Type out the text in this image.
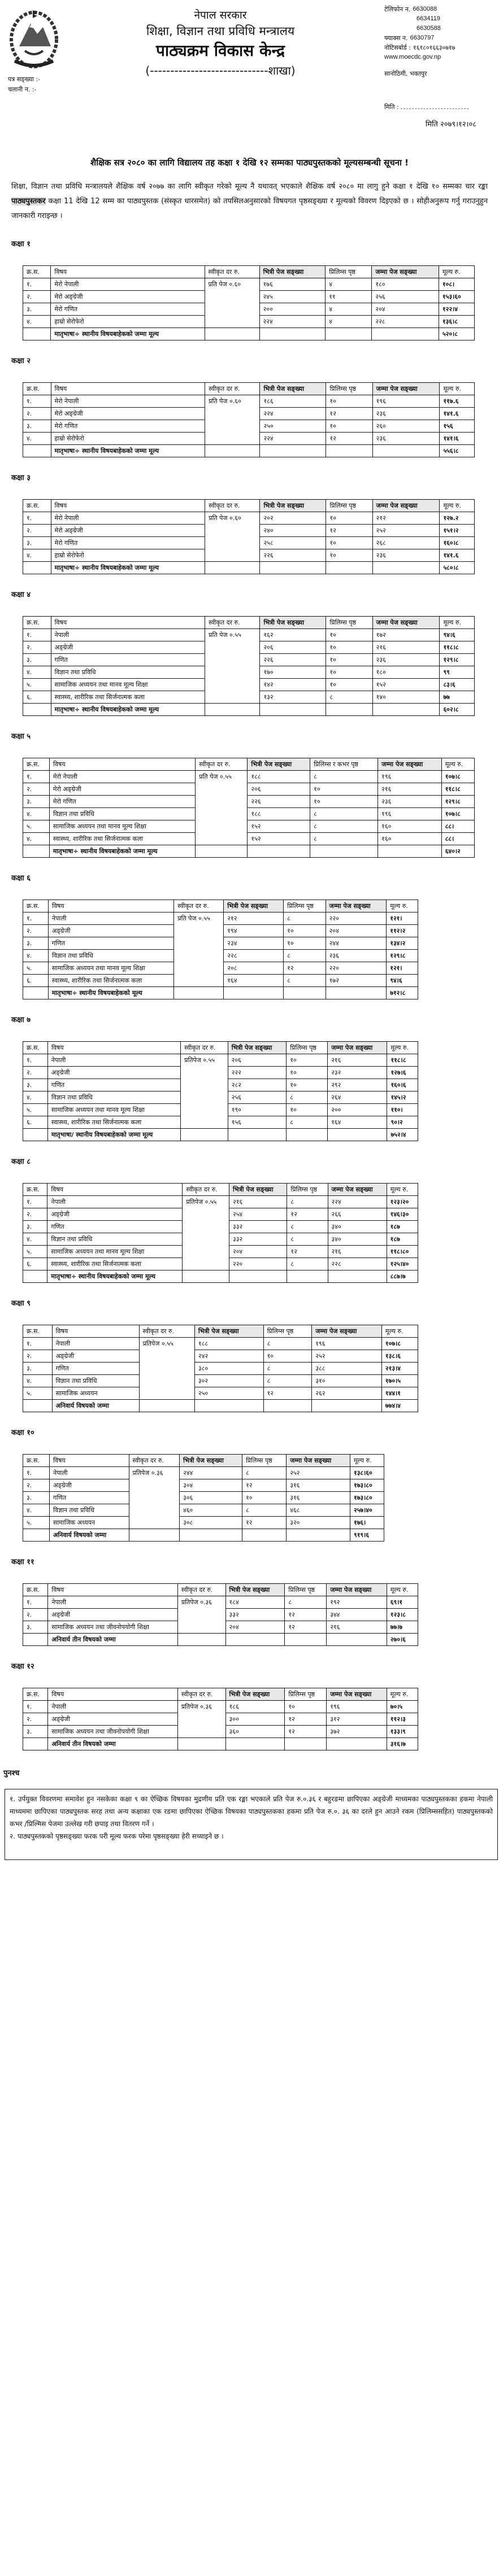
नेपाल सरकार
शिक्षा, विज्ञान तथा प्रविधि मन्त्रालय
पाठ्यक्रम विकास केन्द्र
(-----------------------------शाखा)
टेलिफोन न. 6630088
6634119
6630588
फ्याक्स न. 6630797
नोटिसबोर्ड : १६१८०१६६३०७१७
www.moecdc.gov.np
सानोठिमी, भक्तपुर
पत्र सङ्ख्या :-
चलानी न. :-
मिति :
मिति २०७९।१२।०८
शैक्षिक सत्र २०८० का लागि विद्यालय तह कक्षा १ देखि १२ सम्मका पाठ्यपुस्तकको मूल्यसम्बन्धी सूचना !
शिक्षा, विज्ञान तथा प्रविधि मन्त्रालयले शैक्षिक वर्ष २०७७ का लागि स्वीकृत गरेको मूल्य नै यथावत् भएकाले शैक्षिक वर्ष २०८० मा लागु हुने कक्षा १ देखि १० सम्मका चार रङ्का पाठ्यपुस्तकर कक्षा 11 देखि 12 सम्म का पाठ्यपुस्तक (संस्कृत धारसमेत) को तपसिलअनुसारको विषयगत पृष्ठसङ्ख्या र मूल्यको विवरण दिइएको छ । सोहीअनुरूप गर्नु गराउनुहुन जानकारी गराइन्छ ।
कक्षा १
क्र.स.	विषय	स्वीकृत दर रु.	भित्री पेज सङ्ख्या	प्रिलिम्स पृष्ठ	जम्मा पेज सङ्ख्या	मूल्य रु.
१.	मेरो नेपाली	प्रति पेज ०.६०	१७६	४	१८०	१०८।
२.	मेरो अङ्ग्रेजी		२४५	११	२५६	१५३।६०
३.	मेरो गणित		२००	४	२०४	१२२।४
४.	हाम्रो सेरोफेरो		२२४	४	२२८	१३६।८
	मातृभाषा÷ स्थानीय विषयबाहेकको जम्मा मूल्य					५२०।८
कक्षा २
क्र.स.	विषय	स्वीकृत दर रु.	भित्री पेज सङ्ख्या	प्रिलिम्स पृष्ठ	जम्मा पेज सङ्ख्या	मूल्य रु.
१.	मेरो नेपाली	प्रति पेज ०.६०	१८६	१०	१९६	११७.६
२.	मेरो अङ्ग्रेजी		२२४	१२	२३६	१४१.६
३.	मेरो गणित		२५०	१०	२६०	१५६
४.	हाम्रो सेरोफेरो		२२४	१२	२३६	१४१।६
	मातृभाषा÷ स्थानीय विषयबाहेकको जम्मा मूल्य					५५६।८
कक्षा ३
क्र.स.	विषय	स्वीकृत दर रु.	भित्री पेज सङ्ख्या	प्रिलिम्स पृष्ठ	जम्मा पेज सङ्ख्या	मूल्य रु.
१.	मेरो नेपाली	प्रति पेज ०.६०	२०२	१०	२१२	१२७.२
२.	मेरो अङ्ग्रेजी		२४०	१२	२५२	१५१।२
३.	मेरो गणित		२५८	१०	२६८	१६०।८
४.	हाम्रो सेरोफेरो		२२६	१०	२३६	१४१.६
	मातृभाषा÷ स्थानीय विषयबाहेकको जम्मा मूल्य					५८०।८
कक्षा ४
क्र.स.	विषय	स्वीकृत दर रु.	भित्री पेज सङ्ख्या	प्रिलिम्स पृष्ठ	जम्मा पेज सङ्ख्या	मूल्य रु.
१.	नेपाली	प्रति पेज ०.५५	१६२	१०	१७२	९४।६
२.	अङ्ग्रेजी		२०६	१०	२१६	११८।८
३.	गणित		२२६	१०	२३६	१२९।८
४.	विज्ञान तथा प्रविधि		१७०	१०	१८०	९९
५.	सामाजिक अध्ययन तथा मानव मूल्य शिक्षा		१४२	१०	१५२	८३।६
६.	स्वास्थ्य, शारीरिक तथा सिर्जनात्मक कला		१३२	८	१४०	७७
	मातृभाषा÷ स्थानीय विषयबाहेकको जम्मा मूल्य					६०२।८
कक्षा ५
क्र.स.	विषय	स्वीकृत दर रु.	भित्री पेज सङ्ख्या	प्रिलिम्स र कभर पृष्ठ	जम्मा पेज सङ्ख्या	मूल्य रु.
१.	मेरो नेपाली	प्रति पेज ०.५५	१८८	८	१९६	१०७।८
२.	मेरो अङ्ग्रेजी		२०६	१०	२१६	११८।८
३.	मेरो गणित		२२६	१०	२३६	१२९।८
४.	विज्ञान तथा प्रविधि		१८८	८	१९६	१०७।८
५.	सामाजिक अध्ययन तथा मानव मूल्य शिक्षा		१५२	८	१६०	८८।
४.	स्वास्थ्य, शारीरिक तथा सिर्जनात्मक कला		१५२	८	१६०	८८।
	मातृभाषा÷ स्थानीय विषयबाहेकको जम्मा मूल्य					६४०।२
कक्षा ६
क्र.स.	विषय	स्वीकृत दर रु.	भित्री पेज सङ्ख्या	प्रिलिम्स पृष्ठ	जम्मा पेज सङ्ख्या	मूल्य रु.
१.	नेपाली	प्रति पेज ०.५५	२१२	८	२२०	१२१।
२.	अङ्ग्रेजी		१९४	१०	२०४	११२।२
३.	गणित		२३४	१०	२४४	१३४।२
४.	विज्ञान तथा प्रविधि		२२८	८	२३६	१२९।८
५.	सामाजिक अध्ययन तथा मानव मूल्य शिक्षा		२०८	१२	२२०	१२१।
६.	स्वास्थ्य, शारीरिक तथा सिर्जनात्मक कला		१६४	८	१७२	९४।६
	मातृभाषा÷ स्थानीय विषयबाहेकको मूल्य					७१२।८
कक्षा ७
क्र.स.	विषय	स्वीकृत दर रु.	भित्री पेज सङ्ख्या	प्रिलिम्स पृष्ठ	जम्मा पेज सङ्ख्या	मूल्य रु.
१.	नेपाली	प्रतिपेज ०.५५	२०६	१०	२१६	११८।८
२.	अङ्ग्रेजी		२२२	१०	२३२	१२७।६
३.	गणित		२८२	१०	२९२	१६०।६
४.	विज्ञान तथा प्रविधि		२५६	८	२६४	१४५।२
५.	सामाजिक अध्ययन तथा मानव मूल्य शिक्षा		१९०	१०	२००	११०।
६.	स्वास्थ्य, शारीरिक तथा सिर्जनात्मक कला		१५६	८	१६४	९०।२
	मातृभाषा/ स्थानीय विषयबाहेकको जम्मा मूल्य					७५२।४
कक्षा ८
क्र.स.	विषय	स्वीकृत दर रु.	भित्री पेज सङ्ख्या	प्रिलिम्स पृष्ठ	जम्मा पेज सङ्ख्या	मूल्य रु.
१.	नेपाली	प्रतिपेज ०.५५	२१६	८	२२४	१२३।२०
२.	अङ्ग्रेजी		२५४	१२	२६६	१४६।३०
३.	गणित		३३२	८	३४०	१८७
४.	विज्ञान तथा प्रविधि		३३२	८	३४०	१८७
५.	सामाजिक अध्ययन तथा मानव मूल्य शिक्षा		२०४	१२	२१६	११८।८०
६.	स्वास्थ्य, शारीरिक तथा सिर्जनात्मक कला		२२०	८	२२८	१२५।४०
	मातृभाषा÷ स्थानीय विषयबाहेकको जम्मा मूल्य					८८७।७
कक्षा ९
क्र.स.	विषय	स्वीकृत दर रु.	भित्री पेज सङ्ख्या	प्रिलिम्स पृष्ठ	जम्मा पेज सङ्ख्या	मूल्य रु.
१.	नेपाली	प्रतिपेज ०.५५	१८८	८	१९६	१०७।८
२.	अङ्ग्रेजी		२४२	१०	२५२	१३८।६
३.	गणित		३८०	८	३८८	२१३।४
४.	विज्ञान तथा प्रविधि		३०२	८	३१०	१७०।५
५.	सामाजिक अध्ययन		२५०	१२	२६२	१४४।१
	अनिवार्य विषयको जम्मा					७७४।४
कक्षा १०
क्र.स.	विषय	स्वीकृत दर रु.	भित्री पेज सङ्ख्या	प्रिलिम्स पृष्ठ	जम्मा पेज सङ्ख्या	मूल्य रु.
१.	नेपाली	प्रतिपेज ०.३६	२४४	८	२५२	१३८।६०
२.	अङ्ग्रेजी		३०४	१२	३१६	१७३।८०
३.	गणित		३०६	१०	३१६	१७३।८०
४.	विज्ञान तथा प्रविधि		४६०	८	४६८	२५७।४०
५.	सामाजिक अध्ययन		३०८	१२	३२०	१७६।
	अनिवार्य विषयको जम्मा					९१९।६
कक्षा ११
क्र.स.	विषय	स्वीकृत दर रु.	भित्री पेज सङ्ख्या	प्रिलिम्स पृष्ठ	जम्मा पेज सङ्ख्या	मूल्य रु.
१.	नेपाली	प्रतिपेज ०.३६	१८४	८	१९२	६९।१
२.	अङ्ग्रेजी		३३२	१२	३४४	१२३।८
३.	सामाजिक अध्ययन तथा जीवनोपयोगी शिक्षा		२०४	१२	२१६	७७।७
	अनिवार्य तीन विषयको जम्मा					२७०।६
कक्षा १२
क्र.स.	विषय	स्वीकृत दर रु.	भित्री पेज सङ्ख्या	प्रिलिम्स पृष्ठ	जम्मा पेज सङ्ख्या	मूल्य रु.
१.	नेपाली	प्रतिपेज ०.३६	१८६	१०	१९६	७०।५
२.	अङ्ग्रेजी		३००	१२	३१२	११२।३
३.	सामाजिक अध्ययन तथा जीवनोपयोगी शिक्षा		३६०	१२	३७२	१३३।९
	अनिवार्य तीन विषयको जम्मा					३१६।७
पुनश्च
१. उर्पयुक्त विवरणमा समावेश हुन नसकेका कक्षा ९ का ऐच्छिक विषयका मुद्रणीय प्रति एक रङ्मा भएकाले प्रति पेज रु.०.३६ र बहुरङमा छापिएका अङ्ग्रेजी माध्यमका पाठ्यपुस्तकका हकमा नेपाली माध्यममा छापिएका पाठ्यपुस्तक सरह तथा अन्य कक्षाका एक रङमा छापिएका ऐच्छिक विषयका पाठ्यपुस्तकका हकमा प्रति पेज रु.०. ३६ का दरले हुन आउने रकम (प्रिलिम्ससहित) पाठ्यपुस्तकको कभर /प्रिल्मिस पेजमा उल्लेख गरी छपाइ तथा वितरण गर्ने ।
२. पाठ्यपुस्तकको पृष्ठसङ्ख्या फरक परी मूल्य फरक परेमा पृष्ठसङ्ख्या हेरी सच्याइने छ ।
